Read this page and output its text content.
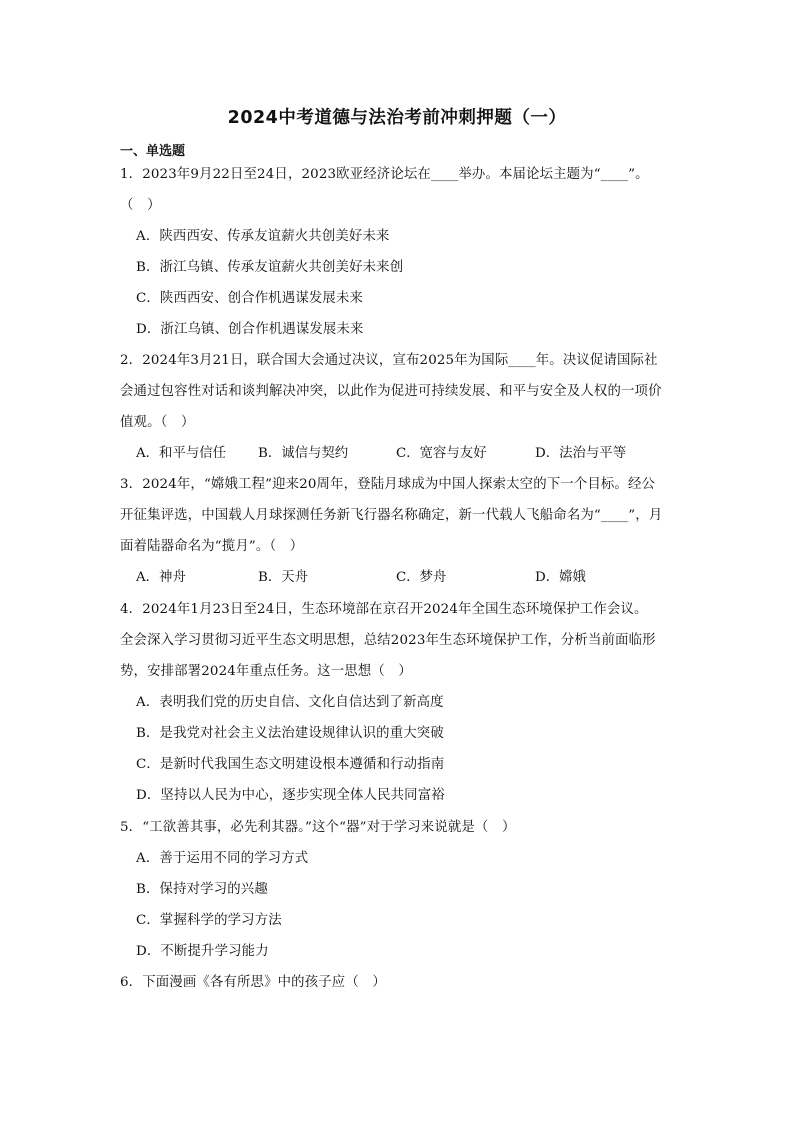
2024中考道德与法治考前冲刺押题（一）
一、单选题
1．2023年9月22日至24日，2023欧亚经济论坛在____举办。本届论坛主题为“____”。
（　）
A．陕西西安、传承友谊薪火共创美好未来
B．浙江乌镇、传承友谊薪火共创美好未来创
C．陕西西安、创合作机遇谋发展未来
D．浙江乌镇、创合作机遇谋发展未来
2．2024年3月21日，联合国大会通过决议，宣布2025年为国际____年。决议促请国际社
会通过包容性对话和谈判解决冲突，以此作为促进可持续发展、和平与安全及人权的一项价
值观。（　）
A．和平与信任 B．诚信与契约	C．宽容与友好	D．法治与平等
3．2024年，“嫦娥工程”迎来20周年，登陆月球成为中国人探索太空的下一个目标。经公
开征集评选，中国载人月球探测任务新飞行器名称确定，新一代载人飞船命名为“____”，月
面着陆器命名为“揽月”。（　）
A．神舟	B．天舟	C．梦舟	D．嫦娥
4．2024年1月23日至24日，生态环境部在京召开2024年全国生态环境保护工作会议。
全会深入学习贯彻习近平生态文明思想，总结2023年生态环境保护工作，分析当前面临形
势，安排部署2024年重点任务。这一思想（　）
A．表明我们党的历史自信、文化自信达到了新高度
B．是我党对社会主义法治建设规律认识的重大突破
C．是新时代我国生态文明建设根本遵循和行动指南
D．坚持以人民为中心，逐步实现全体人民共同富裕
5．“工欲善其事，必先利其器。”这个“器”对于学习来说就是（　）
A．善于运用不同的学习方式
B．保持对学习的兴趣
C．掌握科学的学习方法
D．不断提升学习能力
6．下面漫画《各有所思》中的孩子应（　）
